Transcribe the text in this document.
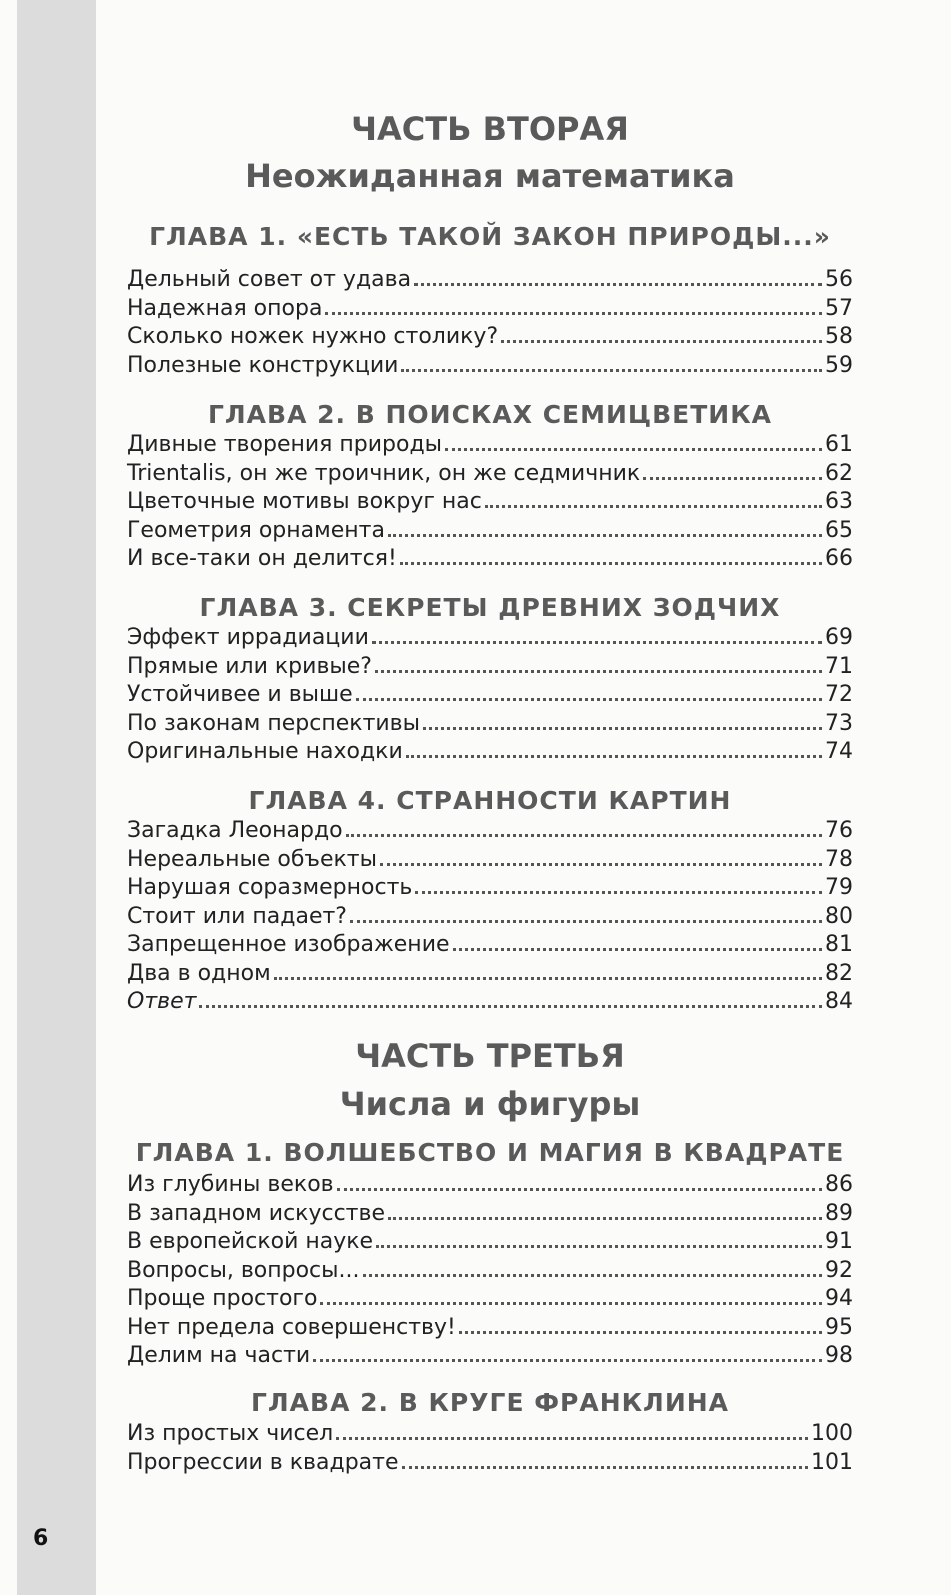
ЧАСТЬ ВТОРАЯ
Неожиданная математика
ГЛАВА 1. «ЕСТЬ ТАКОЙ ЗАКОН ПРИРОДЫ...»
ГЛАВА 2. В ПОИСКАХ СЕМИЦВЕТИКА
ГЛАВА 3. СЕКРЕТЫ ДРЕВНИХ ЗОДЧИХ
ГЛАВА 4. СТРАННОСТИ КАРТИН
ЧАСТЬ ТРЕТЬЯ
Числа и фигуры
ГЛАВА 1. ВОЛШЕБСТВО И МАГИЯ В КВАДРАТЕ
ГЛАВА 2. В КРУГЕ ФРАНКЛИНА
Дельный совет от удава	56
Надежная опора	57
Сколько ножек нужно столику?	58
Полезные конструкции	59
Дивные творения природы	61
Trientalis, он же троичник, он же седмичник	62
Цветочные мотивы вокруг нас	63
Геометрия орнамента	65
И все-таки он делится!	66
Эффект иррадиации	69
Прямые или кривые?	71
Устойчивее и выше	72
По законам перспективы	73
Оригинальные находки	74
Загадка Леонардо	76
Нереальные объекты	78
Нарушая соразмерность	79
Стоит или падает?	80
Запрещенное изображение	81
Два в одном	82
Ответ	84
Из глубины веков	86
В западном искусстве	89
В европейской науке	91
Вопросы, вопросы...	92
Проще простого	94
Нет предела совершенству!	95
Делим на части	98
Из простых чисел	100
Прогрессии в квадрате	101
6
